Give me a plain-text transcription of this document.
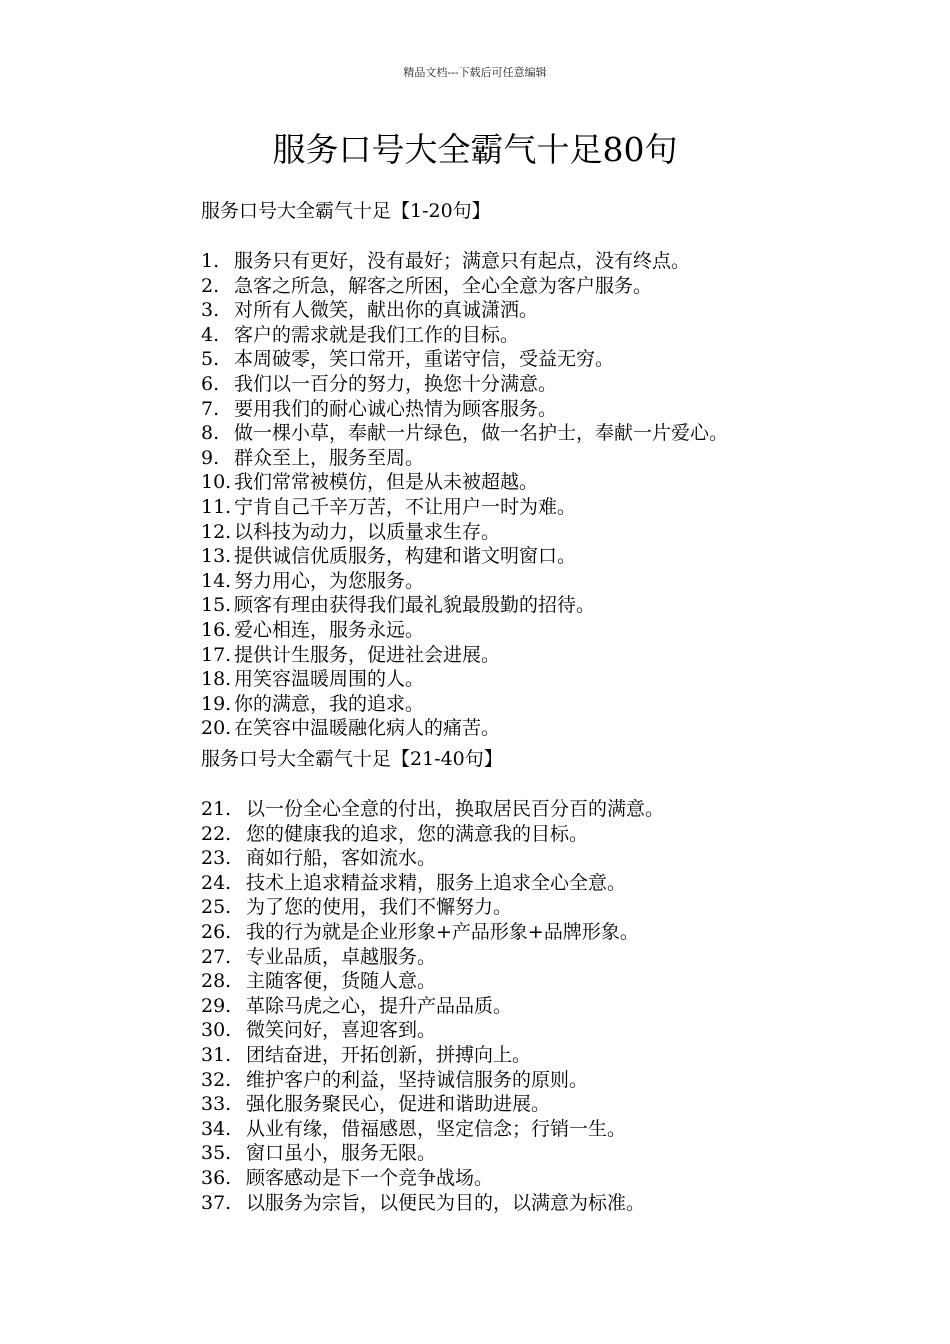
精品文档---下载后可任意编辑
服务口号大全霸气十足80句
服务口号大全霸气十足【1-20句】
1. 服务只有更好，没有最好；满意只有起点，没有终点。
2. 急客之所急，解客之所困，全心全意为客户服务。
3. 对所有人微笑，献出你的真诚潇洒。
4. 客户的需求就是我们工作的目标。
5. 本周破零，笑口常开，重诺守信，受益无穷。
6. 我们以一百分的努力，换您十分满意。
7. 要用我们的耐心诚心热情为顾客服务。
8. 做一棵小草，奉献一片绿色，做一名护士，奉献一片爱心。
9. 群众至上，服务至周。
10. 我们常常被模仿，但是从未被超越。
11. 宁肯自己千辛万苦，不让用户一时为难。
12. 以科技为动力，以质量求生存。
13. 提供诚信优质服务，构建和谐文明窗口。
14. 努力用心，为您服务。
15. 顾客有理由获得我们最礼貌最殷勤的招待。
16. 爱心相连，服务永远。
17. 提供计生服务，促进社会进展。
18. 用笑容温暖周围的人。
19. 你的满意，我的追求。
20. 在笑容中温暖融化病人的痛苦。
服务口号大全霸气十足【21-40句】
21. 以一份全心全意的付出，换取居民百分百的满意。
22. 您的健康我的追求，您的满意我的目标。
23. 商如行船，客如流水。
24. 技术上追求精益求精，服务上追求全心全意。
25. 为了您的使用，我们不懈努力。
26. 我的行为就是企业形象+产品形象+品牌形象。
27. 专业品质，卓越服务。
28. 主随客便，货随人意。
29. 革除马虎之心，提升产品品质。
30. 微笑问好，喜迎客到。
31. 团结奋进，开拓创新，拼搏向上。
32. 维护客户的利益，坚持诚信服务的原则。
33. 强化服务聚民心，促进和谐助进展。
34. 从业有缘，借福感恩，坚定信念；行销一生。
35. 窗口虽小，服务无限。
36. 顾客感动是下一个竞争战场。
37. 以服务为宗旨，以便民为目的，以满意为标准。
